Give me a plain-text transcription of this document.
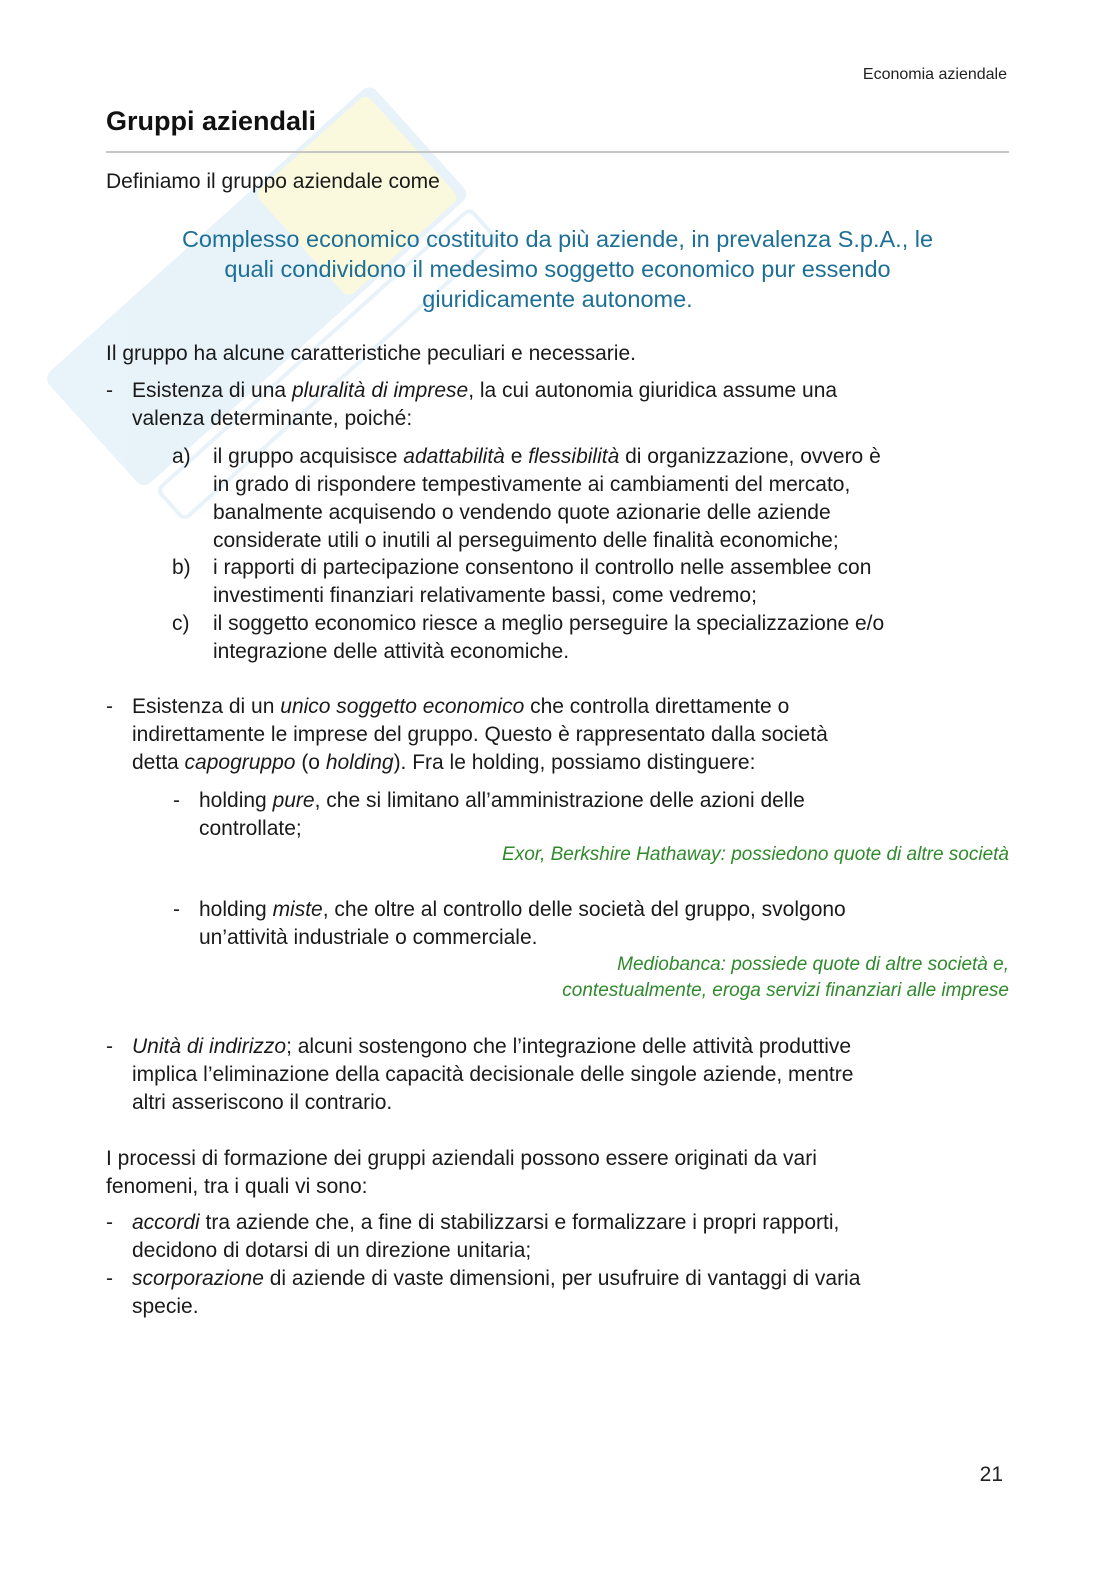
Economia aziendale
Gruppi aziendali
Definiamo il gruppo aziendale come
Complesso economico costituito da più aziende, in prevalenza S.p.A., le
quali condividono il medesimo soggetto economico pur essendo
giuridicamente autonome.
Il gruppo ha alcune caratteristiche peculiari e necessarie.
- Esistenza di una pluralità di imprese, la cui autonomia giuridica assume una
valenza determinante, poiché:
a) il gruppo acquisisce adattabilità e flessibilità di organizzazione, ovvero è
in grado di rispondere tempestivamente ai cambiamenti del mercato,
banalmente acquisendo o vendendo quote azionarie delle aziende
considerate utili o inutili al perseguimento delle finalità economiche;
b) i rapporti di partecipazione consentono il controllo nelle assemblee con
investimenti finanziari relativamente bassi, come vedremo;
c) il soggetto economico riesce a meglio perseguire la specializzazione e/o
integrazione delle attività economiche.
- Esistenza di un unico soggetto economico che controlla direttamente o
indirettamente le imprese del gruppo. Questo è rappresentato dalla società
detta capogruppo (o holding). Fra le holding, possiamo distinguere:
- holding pure, che si limitano all’amministrazione delle azioni delle
controllate;
Exor, Berkshire Hathaway: possiedono quote di altre società
- holding miste, che oltre al controllo delle società del gruppo, svolgono
un’attività industriale o commerciale.
Mediobanca: possiede quote di altre società e,
contestualmente, eroga servizi finanziari alle imprese
- Unità di indirizzo; alcuni sostengono che l’integrazione delle attività produttive
implica l’eliminazione della capacità decisionale delle singole aziende, mentre
altri asseriscono il contrario.
I processi di formazione dei gruppi aziendali possono essere originati da vari
fenomeni, tra i quali vi sono:
- accordi tra aziende che, a fine di stabilizzarsi e formalizzare i propri rapporti,
decidono di dotarsi di un direzione unitaria;
- scorporazione di aziende di vaste dimensioni, per usufruire di vantaggi di varia
specie.
21
